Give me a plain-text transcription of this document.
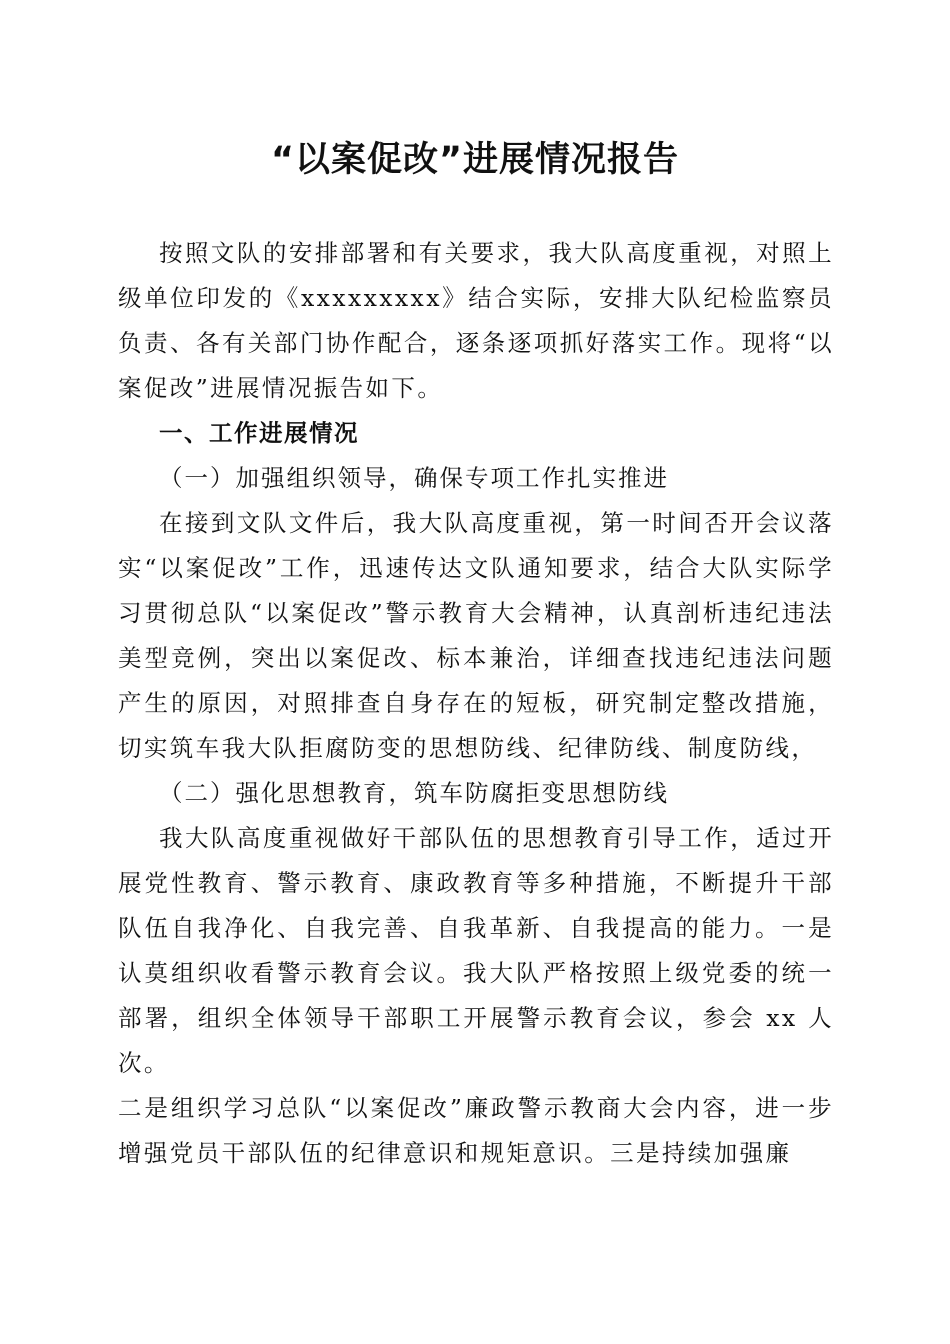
“以案促改”进展情况报告

按照文队的安排部署和有关要求，我大队高度重视，对照上级单位印发的《xxxxxxxxx》结合实际，安排大队纪检监察员负责、各有关部门协作配合，逐条逐项抓好落实工作。现将“以案促改”进展情况振告如下。

一、工作进展情况

（一）加强组织领导，确保专项工作扎实推进

在接到文队文件后，我大队高度重视，第一时间否开会议落实“以案促改”工作，迅速传达文队通知要求，结合大队实际学习贯彻总队“以案促改”警示教育大会精神，认真剖析违纪违法美型竞例，突出以案促改、标本兼治，详细查找违纪违法问题产生的原因，对照排查自身存在的短板，研究制定整改措施，切实筑车我大队拒腐防变的思想防线、纪律防线、制度防线，

（二）强化思想教育，筑车防腐拒变思想防线

我大队高度重视做好干部队伍的思想教育引导工作，适过开展党性教育、警示教育、康政教育等多种措施，不断提升干部队伍自我净化、自我完善、自我革新、自我提高的能力。一是认莫组织收看警示教育会议。我大队严格按照上级党委的统一部署，组织全体领导干部职工开展警示教育会议，参会 xx 人次。

二是组织学习总队“以案促改”廉政警示教商大会内容，进一步增强党员干部队伍的纪律意识和规矩意识。三是持续加强廉
